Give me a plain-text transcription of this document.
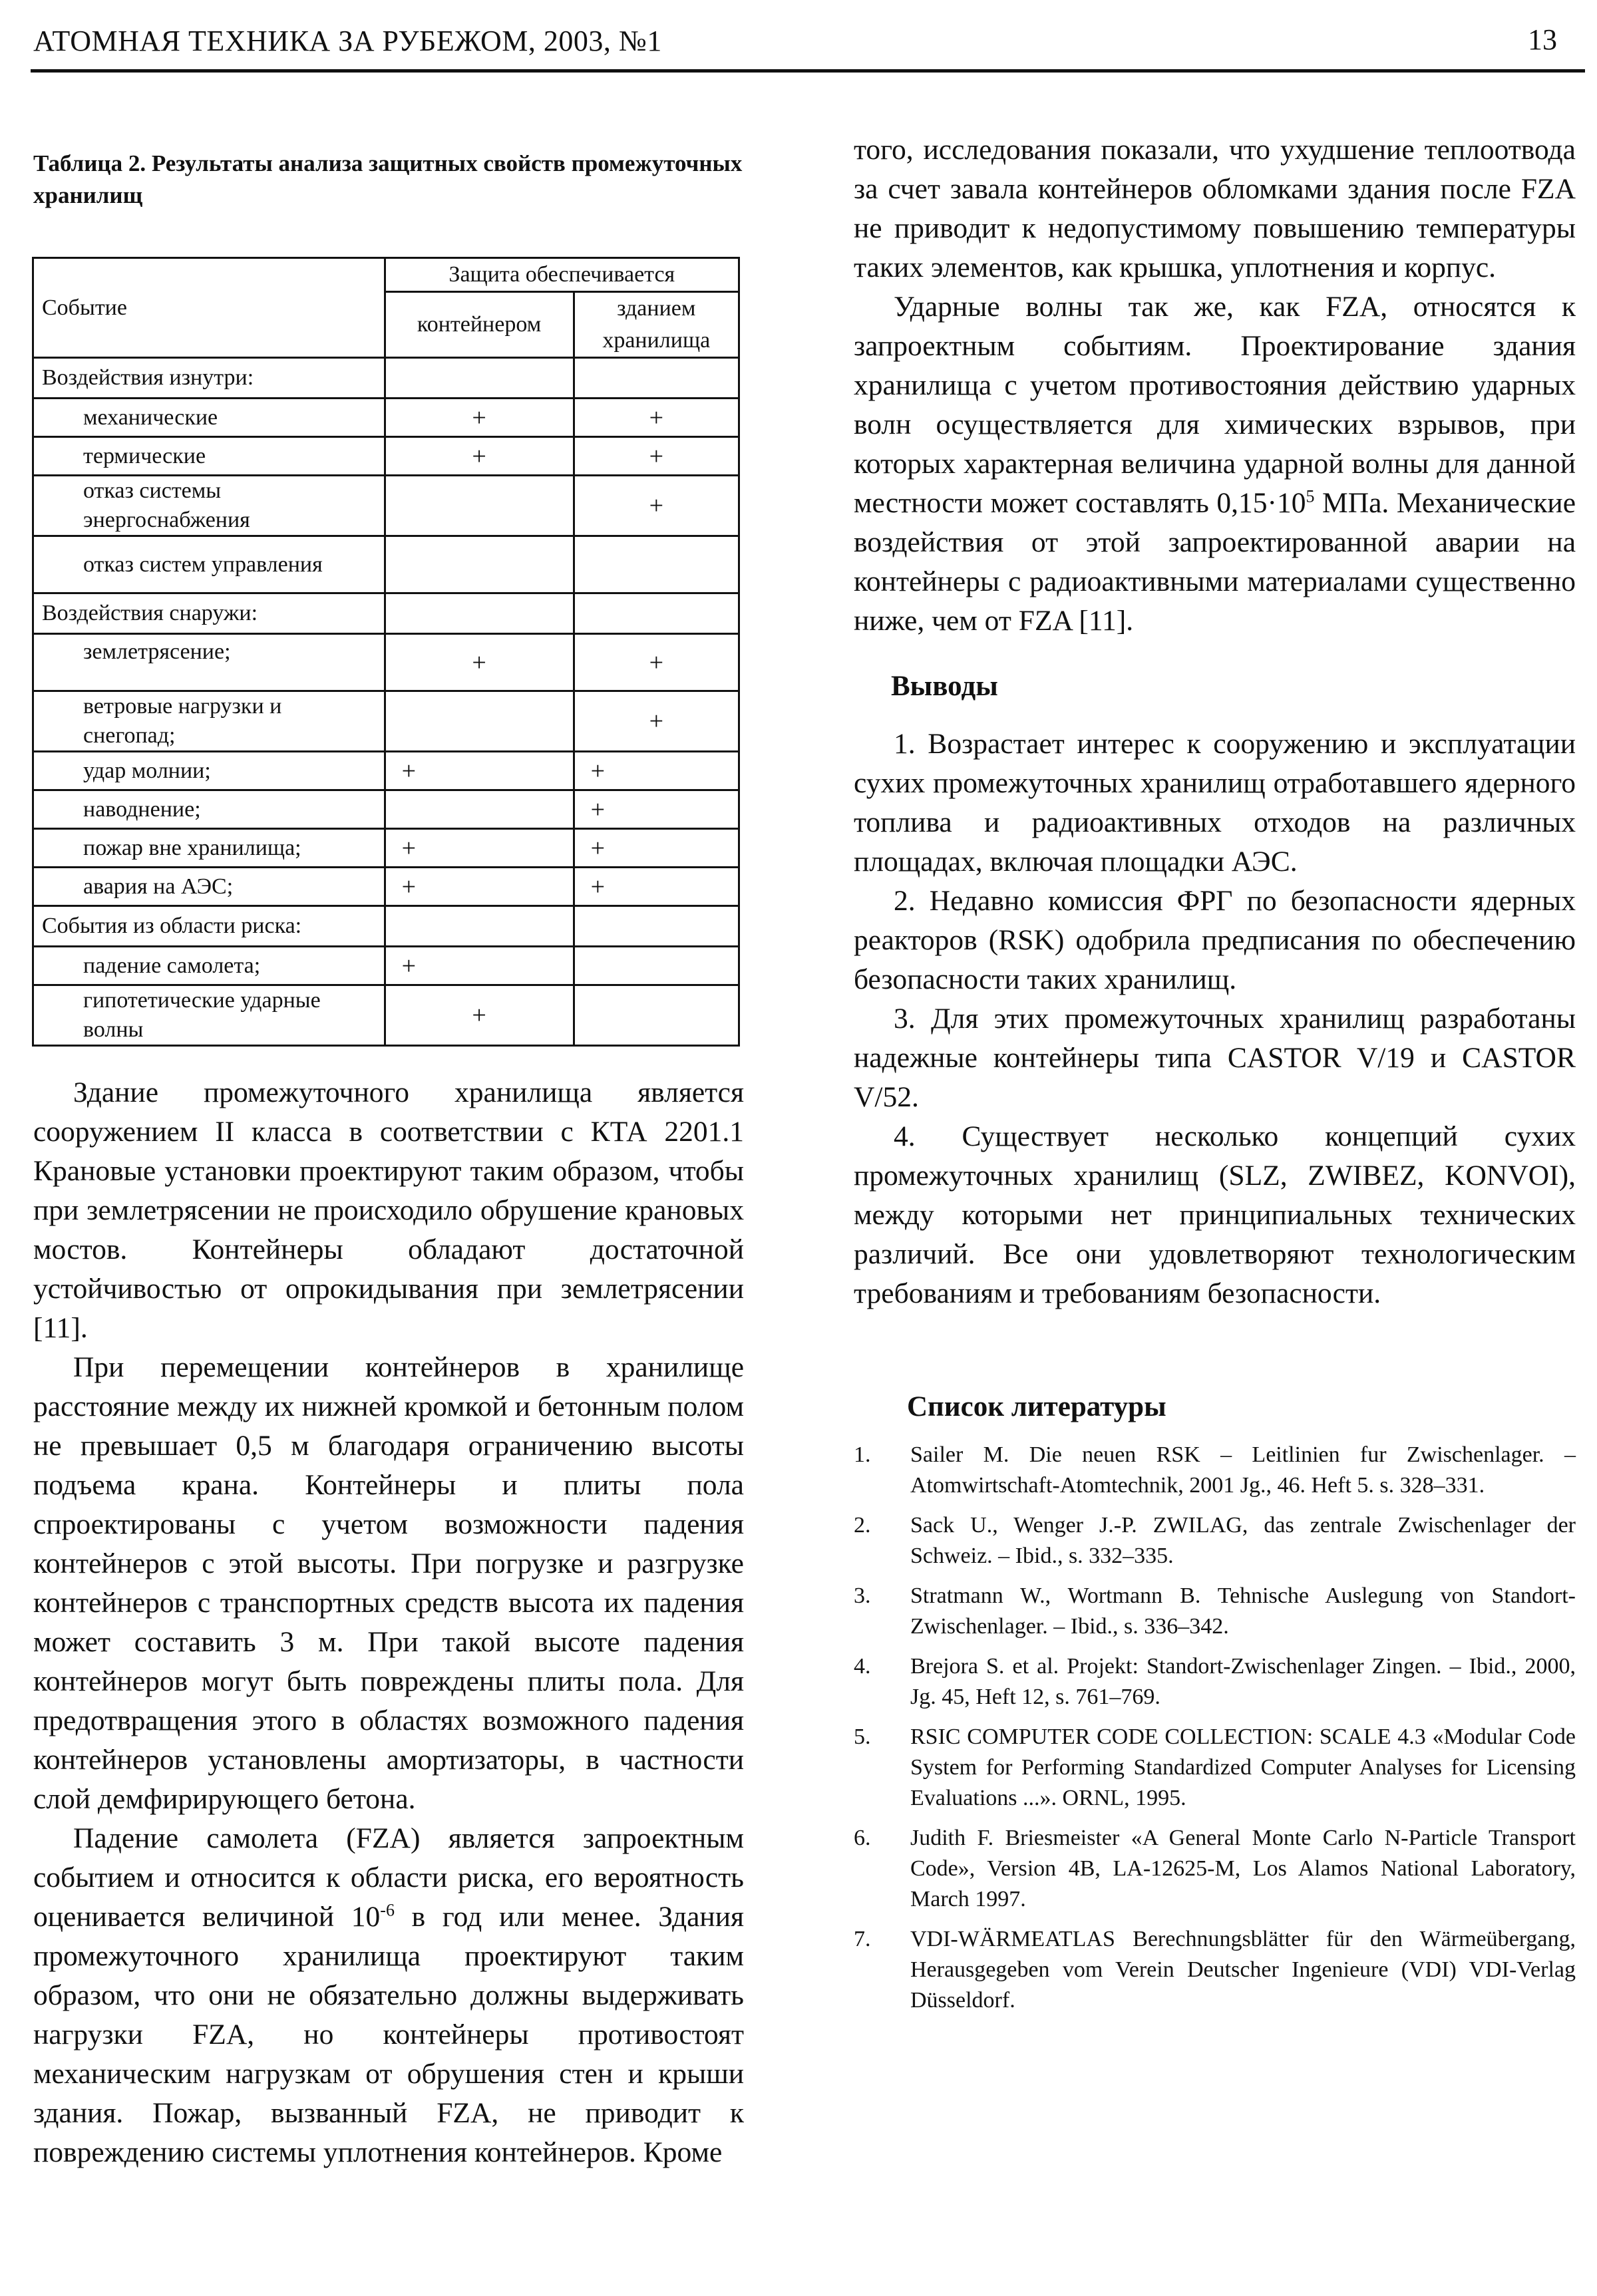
АТОМНАЯ ТЕХНИКА ЗА РУБЕЖОМ, 2003, №1	13
Таблица 2. Результаты анализа защитных свойств промежуточных хранилищ
Событие	Защита обеспечивается	
	контейнером	зданием хранилища
Воздействия изнутри:		
механические	+	+
термические	+	+
отказ системы энергоснабжения		+
отказ систем управления		
Воздействия снаружи:		
землетрясение;	+	+
ветровые нагрузки и снегопад;		+
удар молнии;	+	+
наводнение;		+
пожар вне хранилища;	+	+
авария на АЭС;	+	+
События из области риска:		
падение самолета;	+	
гипотетические ударные волны	+	

Здание промежуточного хранилища является сооружением II класса в соответствии с КТА 2201.1 Крановые установки проектируют таким образом, чтобы при землетрясении не происходило обрушение крановых мостов. Контейнеры обладают достаточной устойчивостью от опрокидывания при землетрясении [11].

При перемещении контейнеров в хранилище расстояние между их нижней кромкой и бетонным полом не превышает 0,5 м благодаря ограничению высоты подъема крана. Контейнеры и плиты пола спроектированы с учетом возможности падения контейнеров с этой высоты. При погрузке и разгрузке контейнеров с транспортных средств высота их падения может составить 3 м. При такой высоте падения контейнеров могут быть повреждены плиты пола. Для предотвращения этого в областях возможного падения контейнеров установлены амортизаторы, в частности слой демфирирующего бетона.

Падение самолета (FZA) является запроектным событием и относится к области риска, его вероятность оценивается величиной $10^{-6}$ в год или менее. Здания промежуточного хранилища проектируют таким образом, что они не обязательно должны выдерживать нагрузки FZA, но контейнеры противостоят механическим нагрузкам от обрушения стен и крыши здания. Пожар, вызванный FZA, не приводит к повреждению системы уплотнения контейнеров. Кроме

того, исследования показали, что ухудшение теплоотвода за счет завала контейнеров обломками здания после FZA не приводит к недопустимому повышению температуры таких элементов, как крышка, уплотнения и корпус.

Ударные волны так же, как FZA, относятся к запроектным событиям. Проектирование здания хранилища с учетом противостояния действию ударных волн осуществляется для химических взрывов, при которых характерная величина ударной волны для данной местности может составлять $0,15\cdot 10^5$ МПа. Механические воздействия от этой запроектированной аварии на контейнеры с радиоактивными материалами существенно ниже, чем от FZA [11].

Выводы

1. Возрастает интерес к сооружению и эксплуатации сухих промежуточных хранилищ отработавшего ядерного топлива и радиоактивных отходов на различных площадах, включая площадки АЭС.

2. Недавно комиссия ФРГ по безопасности ядерных реакторов (RSK) одобрила предписания по обеспечению безопасности таких хранилищ.

3. Для этих промежуточных хранилищ разработаны надежные контейнеры типа CASTOR V/19 и CASTOR V/52.

4. Существует несколько концепций сухих промежуточных хранилищ (SLZ, ZWIBEZ, KONVOI), между которыми нет принципиальных технических различий. Все они удовлетворяют технологическим требованиям и требованиям безопасности.

Список литературы
1.	Sailer M. Die neuen RSK – Leitlinien fur Zwischenlager. – Atomwirtschaft-Atomtechnik, 2001 Jg., 46. Heft 5. s. 328–331.
2.	Sack U., Wenger J.-P. ZWILAG, das zentrale Zwischenlager der Schweiz. – Ibid., s. 332–335.
3.	Stratmann W., Wortmann B. Tehnische Auslegung von Standort-Zwischenlager. – Ibid., s. 336–342.
4.	Brejora S. et al. Projekt: Standort-Zwischenlager Zingen. – Ibid., 2000, Jg. 45, Heft 12, s. 761–769.
5.	RSIC COMPUTER CODE COLLECTION: SCALE 4.3 «Modular Code System for Performing Standardized Computer Analyses for Licensing Evaluations ...». ORNL, 1995.
6.	Judith F. Briesmeister «A General Monte Carlo N-Particle Transport Code», Version 4B, LA-12625-M, Los Alamos National Laboratory, March 1997.
7.	VDI-WÄRMEATLAS Berechnungsblätter für den Wärmeübergang, Herausgegeben vom Verein Deutscher Ingenieure (VDI) VDI-Verlag Düsseldorf.
